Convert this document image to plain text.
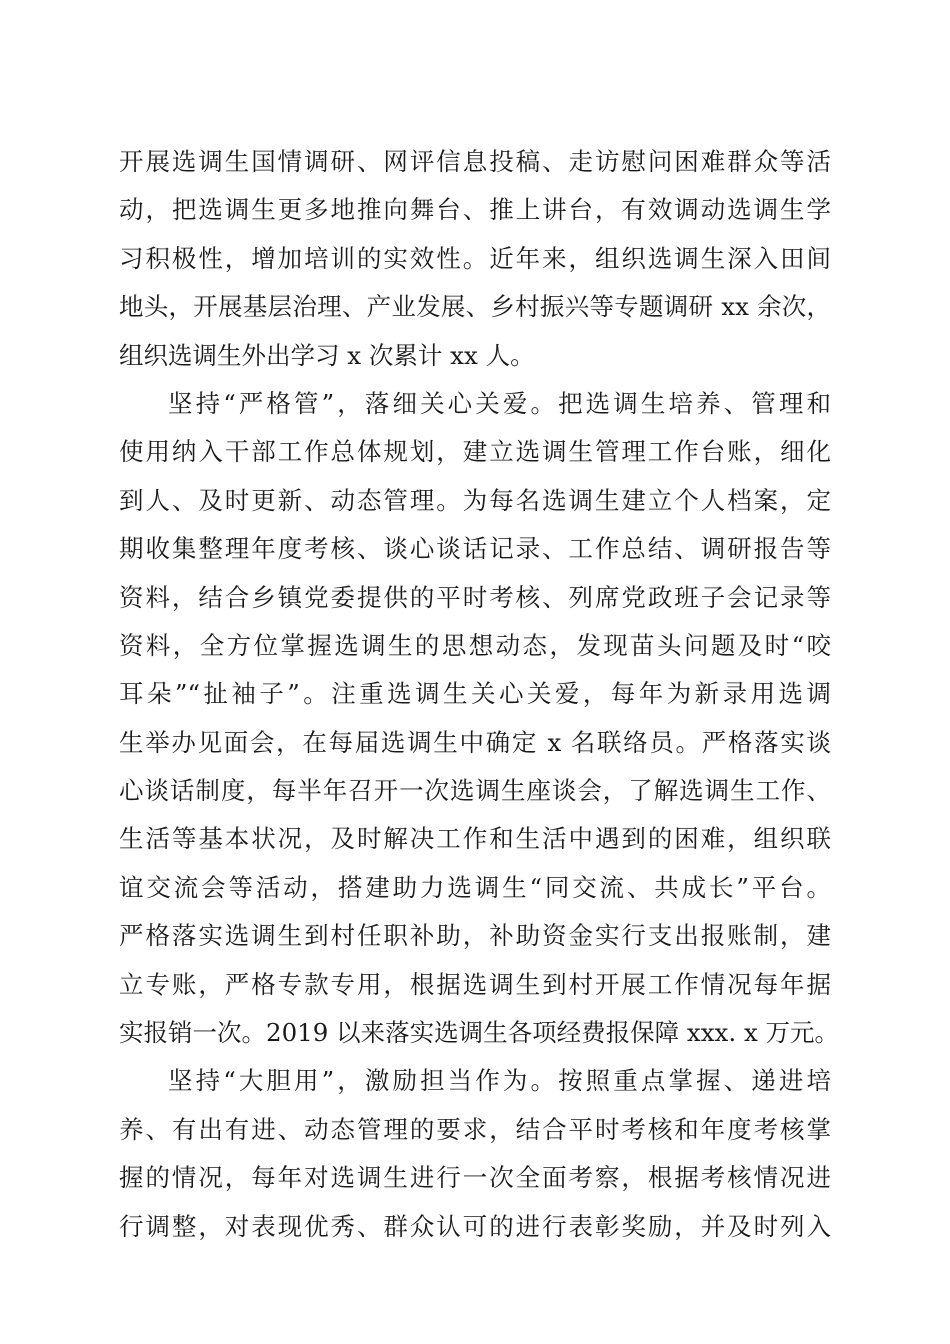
开展选调生国情调研、网评信息投稿、走访慰问困难群众等活
动，把选调生更多地推向舞台、推上讲台，有效调动选调生学
习积极性，增加培训的实效性。近年来，组织选调生深入田间
地头，开展基层治理、产业发展、乡村振兴等专题调研 xx 余次，
组织选调生外出学习 x 次累计 xx 人。
坚持“严格管”，落细关心关爱。把选调生培养、管理和
使用纳入干部工作总体规划，建立选调生管理工作台账，细化
到人、及时更新、动态管理。为每名选调生建立个人档案，定
期收集整理年度考核、谈心谈话记录、工作总结、调研报告等
资料，结合乡镇党委提供的平时考核、列席党政班子会记录等
资料，全方位掌握选调生的思想动态，发现苗头问题及时“咬
耳朵”“扯袖子”。注重选调生关心关爱，每年为新录用选调
生举办见面会，在每届选调生中确定 x 名联络员。严格落实谈
心谈话制度，每半年召开一次选调生座谈会，了解选调生工作、
生活等基本状况，及时解决工作和生活中遇到的困难，组织联
谊交流会等活动，搭建助力选调生“同交流、共成长”平台。
严格落实选调生到村任职补助，补助资金实行支出报账制，建
立专账，严格专款专用，根据选调生到村开展工作情况每年据
实报销一次。2019 以来落实选调生各项经费报保障 xxx. x 万元。
坚持“大胆用”，激励担当作为。按照重点掌握、递进培
养、有出有进、动态管理的要求，结合平时考核和年度考核掌
握的情况，每年对选调生进行一次全面考察，根据考核情况进
行调整，对表现优秀、群众认可的进行表彰奖励，并及时列入
